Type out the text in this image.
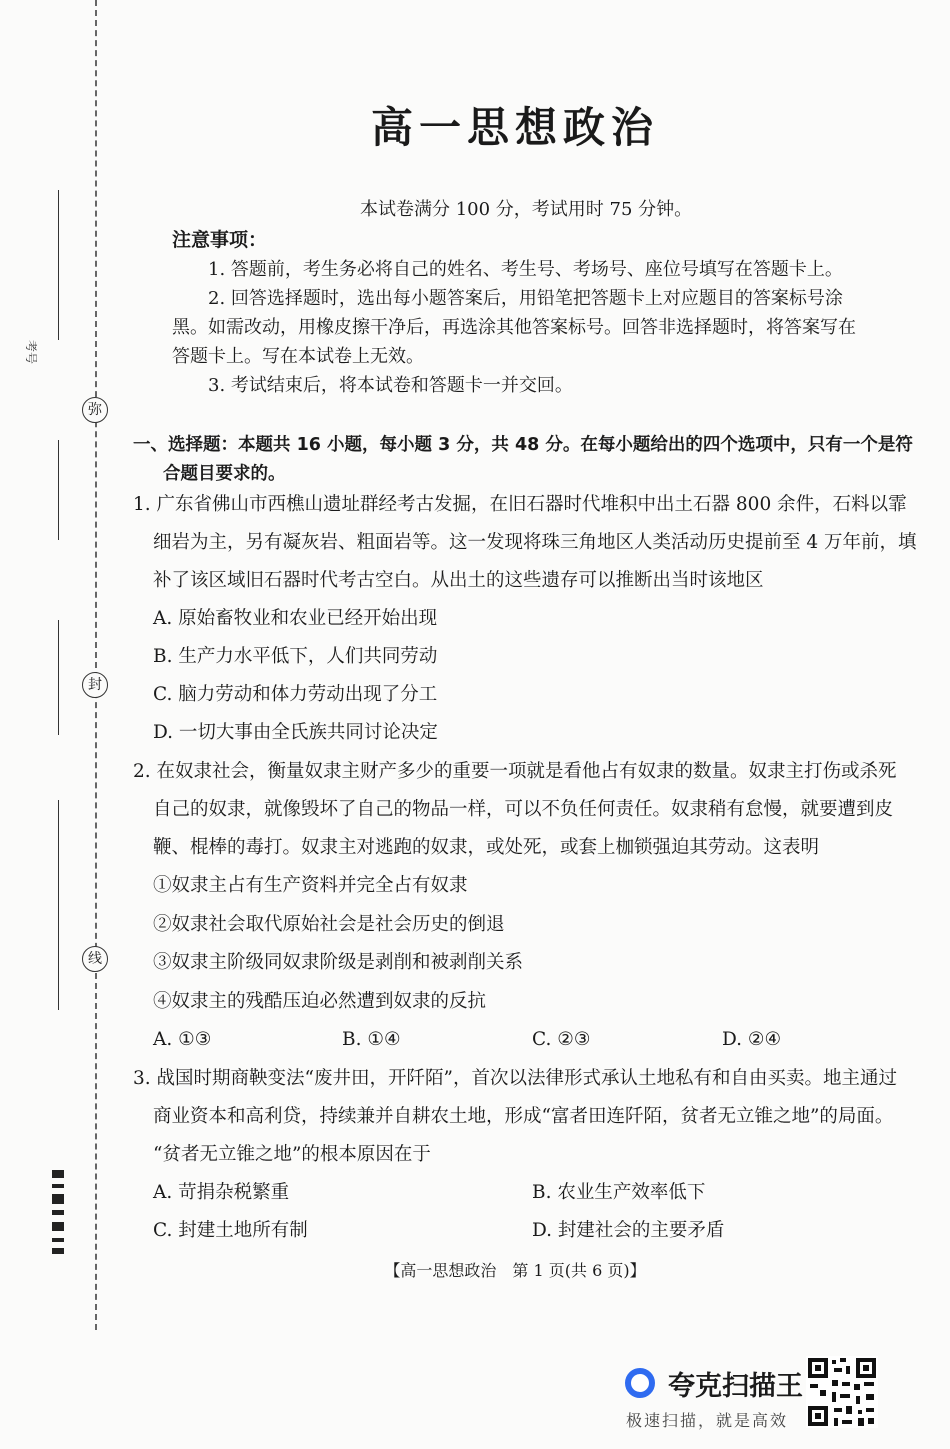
考号
弥
封
线
高一思想政治
本试卷满分 100 分，考试用时 75 分钟。
注意事项：
1. 答题前，考生务必将自己的姓名、考生号、考场号、座位号填写在答题卡上。
2. 回答选择题时，选出每小题答案后，用铅笔把答题卡上对应题目的答案标号涂
黑。如需改动，用橡皮擦干净后，再选涂其他答案标号。回答非选择题时，将答案写在
答题卡上。写在本试卷上无效。
3. 考试结束后，将本试卷和答题卡一并交回。
一、选择题：本题共 16 小题，每小题 3 分，共 48 分。在每小题给出的四个选项中，只有一个是符
合题目要求的。
1. 广东省佛山市西樵山遗址群经考古发掘，在旧石器时代堆积中出土石器 800 余件，石料以霏
细岩为主，另有凝灰岩、粗面岩等。这一发现将珠三角地区人类活动历史提前至 4 万年前，填
补了该区域旧石器时代考古空白。从出土的这些遗存可以推断出当时该地区
A. 原始畜牧业和农业已经开始出现
B. 生产力水平低下，人们共同劳动
C. 脑力劳动和体力劳动出现了分工
D. 一切大事由全氏族共同讨论决定
2. 在奴隶社会，衡量奴隶主财产多少的重要一项就是看他占有奴隶的数量。奴隶主打伤或杀死
自己的奴隶，就像毁坏了自己的物品一样，可以不负任何责任。奴隶稍有怠慢，就要遭到皮
鞭、棍棒的毒打。奴隶主对逃跑的奴隶，或处死，或套上枷锁强迫其劳动。这表明
①奴隶主占有生产资料并完全占有奴隶
②奴隶社会取代原始社会是社会历史的倒退
③奴隶主阶级同奴隶阶级是剥削和被剥削关系
④奴隶主的残酷压迫必然遭到奴隶的反抗
A. ①③	B. ①④	C. ②③	D. ②④
3. 战国时期商鞅变法“废井田，开阡陌”，首次以法律形式承认土地私有和自由买卖。地主通过
商业资本和高利贷，持续兼并自耕农土地，形成“富者田连阡陌，贫者无立锥之地”的局面。
“贫者无立锥之地”的根本原因在于
A. 苛捐杂税繁重	B. 农业生产效率低下
C. 封建土地所有制	D. 封建社会的主要矛盾
【高一思想政治　第 1 页(共 6 页)】
夸克扫描王
极速扫描，就是高效
